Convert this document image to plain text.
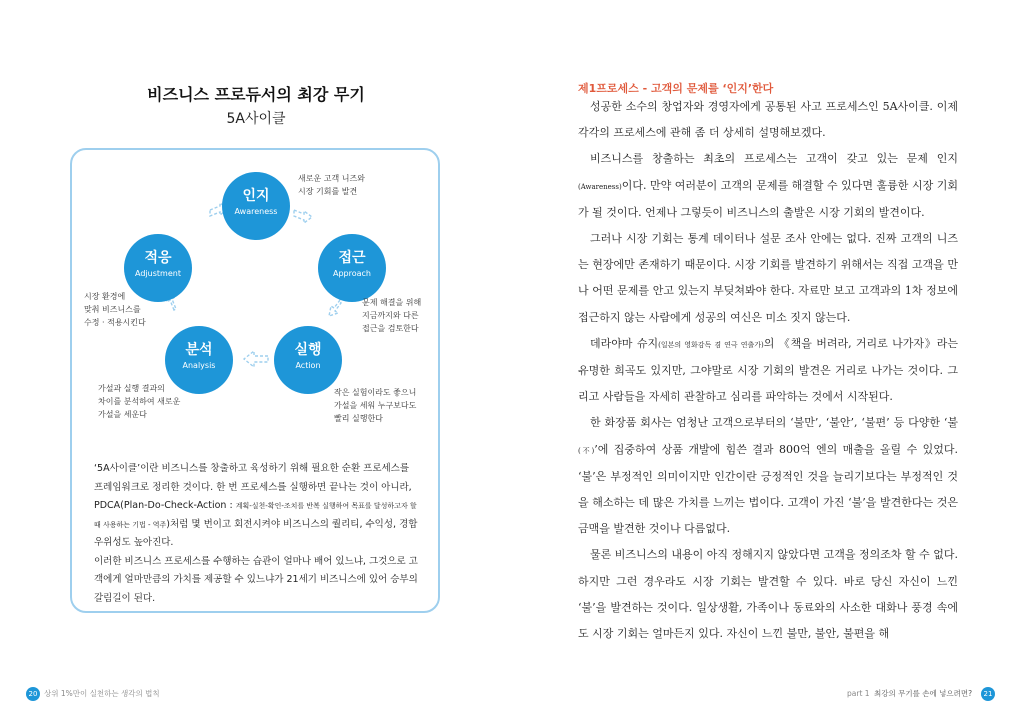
비즈니스 프로듀서의 최강 무기
5A사이클
인지
Awareness
접근
Approach
실행
Action
분석
Analysis
적응
Adjustment
새로운 고객 니즈와
시장 기회를 발견
문제 해결을 위해
지금까지와 다른
접근을 검토한다
작은 실험이라도 좋으니
가설을 세워 누구보다도
빨리 실행한다
가설과 실행 결과의
차이를 분석하여 새로운
가설을 세운다
시장 환경에
맞춰 비즈니스를
수정 · 적용시킨다
‘5A사이클’이란 비즈니스를 창출하고 육성하기 위해 필요한 순환 프로세스를 프레임워크로 정리한 것이다. 한 번 프로세스를 실행하면 끝나는 것이 아니라, PDCA(Plan-Do-Check-Action : 계획-실천-확인-조치를 반복 실행하여 목표를 달성하고자 할 때 사용하는 기법 - 역주)처럼 몇 번이고 회전시켜야 비즈니스의 퀄리티, 수익성, 경합 우위성도 높아진다.
이러한 비즈니스 프로세스를 수행하는 습관이 얼마나 배어 있느냐, 그것으로 고객에게 얼마만큼의 가치를 제공할 수 있느냐가 21세기 비즈니스에 있어 승부의 갈림길이 된다.
20 상위 1%만이 실천하는 생각의 법칙
제1프로세스 - 고객의 문제를 ‘인지’한다

성공한 소수의 창업자와 경영자에게 공통된 사고 프로세스인 5A사이클. 이제 각각의 프로세스에 관해 좀 더 상세히 설명해보겠다.

비즈니스를 창출하는 최초의 프로세스는 고객이 갖고 있는 문제 인지(Awareness)이다. 만약 여러분이 고객의 문제를 해결할 수 있다면 훌륭한 시장 기회가 될 것이다. 언제나 그렇듯이 비즈니스의 출발은 시장 기회의 발견이다.

그러나 시장 기회는 통계 데이터나 설문 조사 안에는 없다. 진짜 고객의 니즈는 현장에만 존재하기 때문이다. 시장 기회를 발견하기 위해서는 직접 고객을 만나 어떤 문제를 안고 있는지 부딪쳐봐야 한다. 자료만 보고 고객과의 1차 정보에 접근하지 않는 사람에게 성공의 여신은 미소 짓지 않는다.

데라야마 슈지(일본의 영화감독 겸 연극 연출가)의 《책을 버려라, 거리로 나가자》라는 유명한 희곡도 있지만, 그야말로 시장 기회의 발견은 거리로 나가는 것이다. 그리고 사람들을 자세히 관찰하고 심리를 파악하는 것에서 시작된다.

한 화장품 회사는 엄청난 고객으로부터의 ‘불만’, ‘불안’, ‘불편’ 등 다양한 ‘불(不)’에 집중하여 상품 개발에 힘쓴 결과 800억 엔의 매출을 올릴 수 있었다. ‘불’은 부정적인 의미이지만 인간이란 긍정적인 것을 늘리기보다는 부정적인 것을 해소하는 데 많은 가치를 느끼는 법이다. 고객이 가진 ‘불’을 발견한다는 것은 금맥을 발견한 것이나 다름없다.

물론 비즈니스의 내용이 아직 정해지지 않았다면 고객을 정의조차 할 수 없다. 하지만 그런 경우라도 시장 기회는 발견할 수 있다. 바로 당신 자신이 느낀 ‘불’을 발견하는 것이다. 일상생활, 가족이나 동료와의 사소한 대화나 풍경 속에도 시장 기회는 얼마든지 있다. 자신이 느낀 불만, 불안, 불편을 해

part 1 최강의 무기를 손에 넣으려면?	21
